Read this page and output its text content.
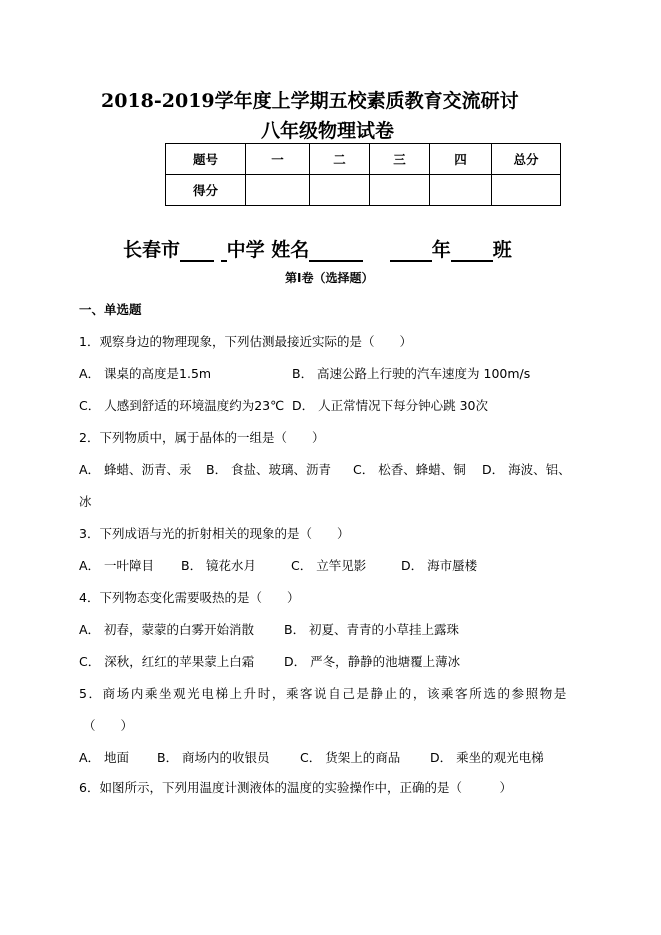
2018-2019学年度上学期五校素质教育交流研讨
八年级物理试卷
题号	一	二	三	四	总分
得分					
长春市 中学 姓名	年 班
第I卷（选择题）
一、单选题
1．观察身边的物理现象，下列估测最接近实际的是（　　）
A． 课桌的高度是1.5m	B． 高速公路上行驶的汽车速度为 100m/s
C． 人感到舒适的环境温度约为23℃ D． 人正常情况下每分钟心跳 30次
2．下列物质中，属于晶体的一组是（　　）
A． 蜂蜡、沥青、汞 B． 食盐、玻璃、沥青 C． 松香、蜂蜡、铜 D． 海波、铝、
冰
3．下列成语与光的折射相关的现象的是（　　）
A． 一叶障目 B． 镜花水月	C． 立竿见影	D． 海市蜃楼
4．下列物态变化需要吸热的是（　　）
A． 初春，蒙蒙的白雾开始消散 B． 初夏、青青的小草挂上露珠
C． 深秋，红红的苹果蒙上白霜 D． 严冬，静静的池塘覆上薄冰
5．商场内乘坐观光电梯上升时，乘客说自己是静止的，该乘客所选的参照物是
（　　）
A． 地面 B． 商场内的收银员 C． 货架上的商品 D． 乘坐的观光电梯
6．如图所示，下列用温度计测液体的温度的实验操作中，正确的是（　　　）
